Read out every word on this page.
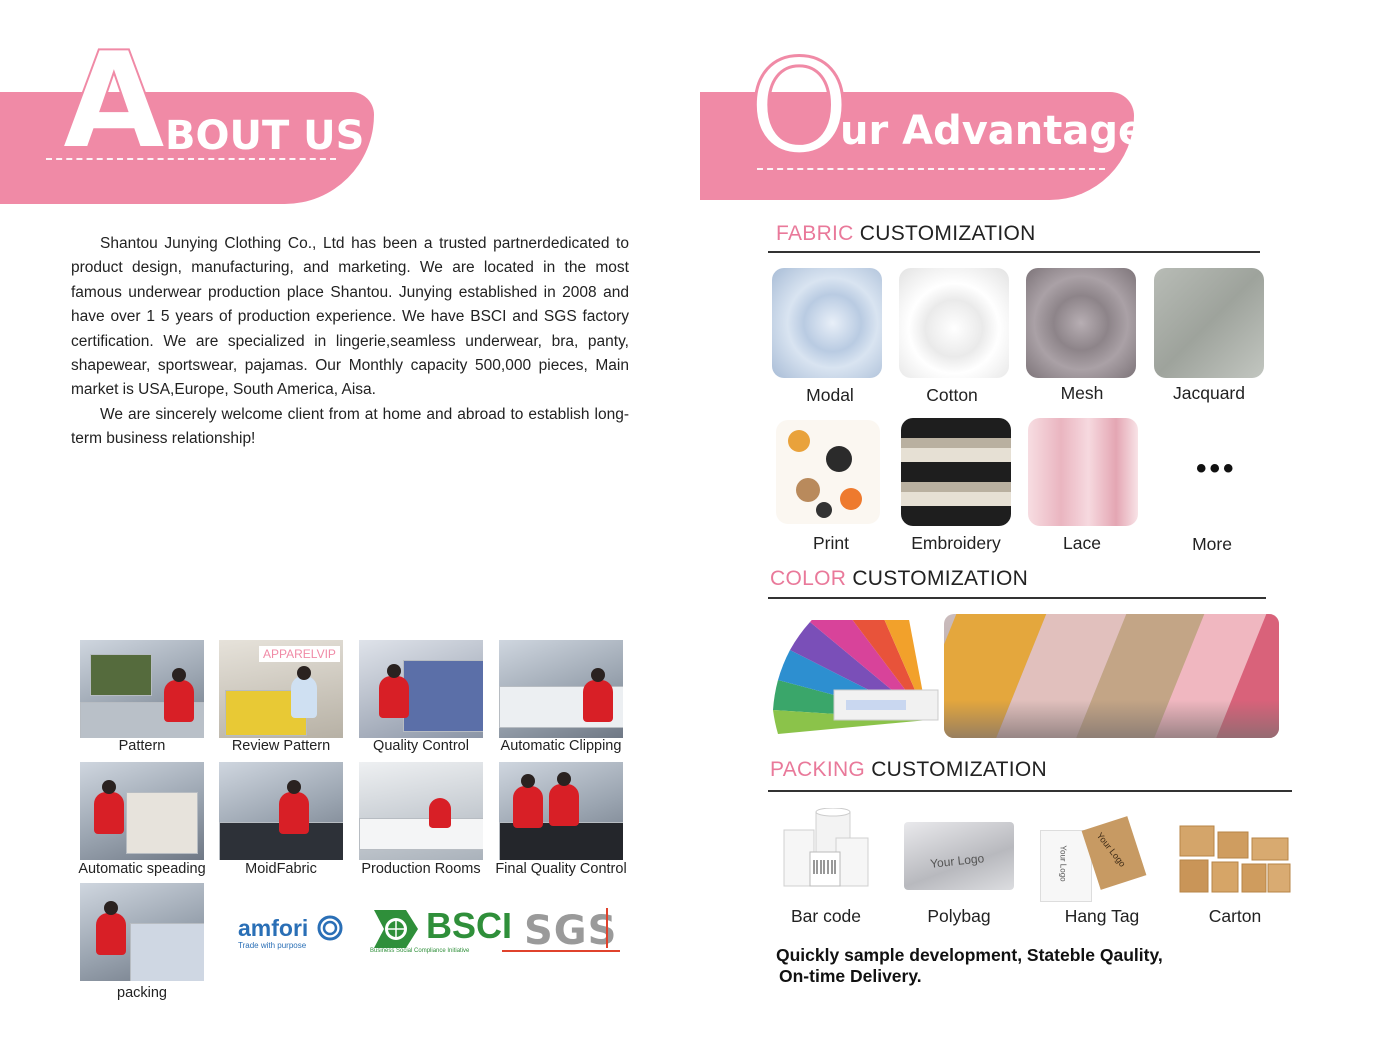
A BOUT US

Shantou Junying Clothing Co., Ltd has been a trusted partnerdedicated to product design, manufacturing, and marketing. We are located in the most famous underwear production place Shantou. Junying established in 2008 and have over 1 5 years of production experience. We have BSCI and SGS factory certification. We are specialized in lingerie,seamless underwear, bra, panty, shapewear, sportswear, pajamas. Our Monthly capacity 500,000 pieces, Main market is USA,Europe, South America, Aisa.

We are sincerely welcome client from at home and abroad to establish long-term business relationship!

Pattern
APPARELVIP
Review Pattern	Quality Control	Automatic Clipping
Automatic speading	MoidFabric	Production Rooms	Final Quality Control
packing
amfori
Trade with purpose	BSCI
Business Social Compliance Initiative	SGS
O
ur Advantage
FABRIC CUSTOMIZATION
Modal	Cotton	Mesh	Jacquard
Print	Embroidery	Lace
•••
More
COLOR CUSTOMIZATION
PACKING CUSTOMIZATION
Bar code
Your Logo
Polybag
Your Logo	Your Logo
Hang Tag	Carton
Quickly sample development, Stateble Qaulity,
On-time Delivery.
